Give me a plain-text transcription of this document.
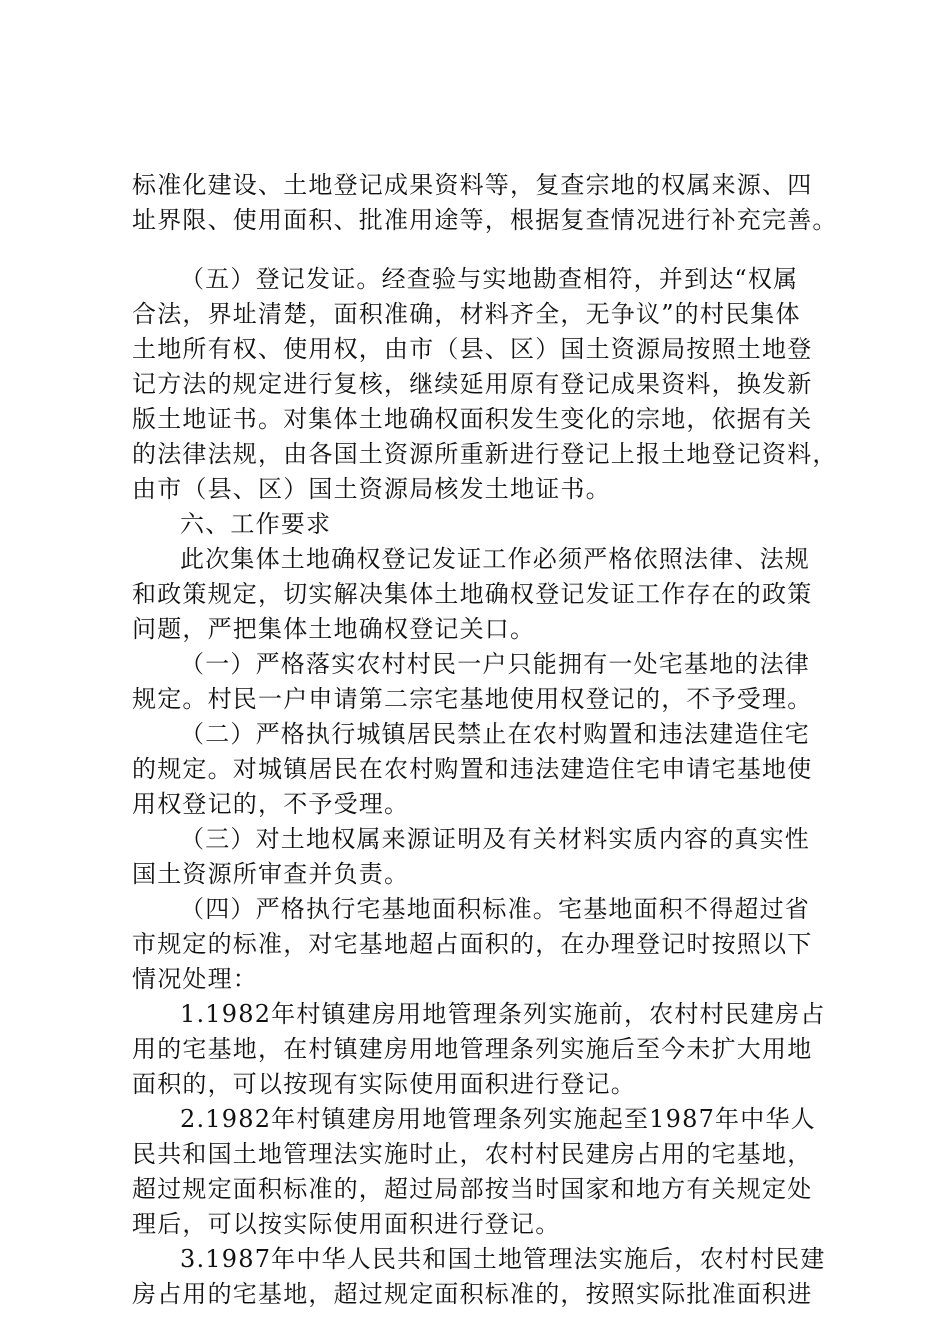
标准化建设、土地登记成果资料等，复查宗地的权属来源、四
址界限、使用面积、批准用途等，根据复查情况进行补充完善。
（五）登记发证。经查验与实地勘查相符，并到达“权属
合法，界址清楚，面积准确，材料齐全，无争议”的村民集体
土地所有权、使用权，由市（县、区）国土资源局按照土地登
记方法的规定进行复核，继续延用原有登记成果资料，换发新
版土地证书。对集体土地确权面积发生变化的宗地，依据有关
的法律法规，由各国土资源所重新进行登记上报土地登记资料，
由市（县、区）国土资源局核发土地证书。
六、工作要求
此次集体土地确权登记发证工作必须严格依照法律、法规
和政策规定，切实解决集体土地确权登记发证工作存在的政策
问题，严把集体土地确权登记关口。
（一）严格落实农村村民一户只能拥有一处宅基地的法律
规定。村民一户申请第二宗宅基地使用权登记的，不予受理。
（二）严格执行城镇居民禁止在农村购置和违法建造住宅
的规定。对城镇居民在农村购置和违法建造住宅申请宅基地使
用权登记的，不予受理。
（三）对土地权属来源证明及有关材料实质内容的真实性
国土资源所审查并负责。
（四）严格执行宅基地面积标准。宅基地面积不得超过省
市规定的标准，对宅基地超占面积的，在办理登记时按照以下
情况处理：
1.1982年村镇建房用地管理条列实施前，农村村民建房占
用的宅基地，在村镇建房用地管理条列实施后至今未扩大用地
面积的，可以按现有实际使用面积进行登记。
2.1982年村镇建房用地管理条列实施起至1987年中华人
民共和国土地管理法实施时止，农村村民建房占用的宅基地，
超过规定面积标准的，超过局部按当时国家和地方有关规定处
理后，可以按实际使用面积进行登记。
3.1987年中华人民共和国土地管理法实施后，农村村民建
房占用的宅基地，超过规定面积标准的，按照实际批准面积进
